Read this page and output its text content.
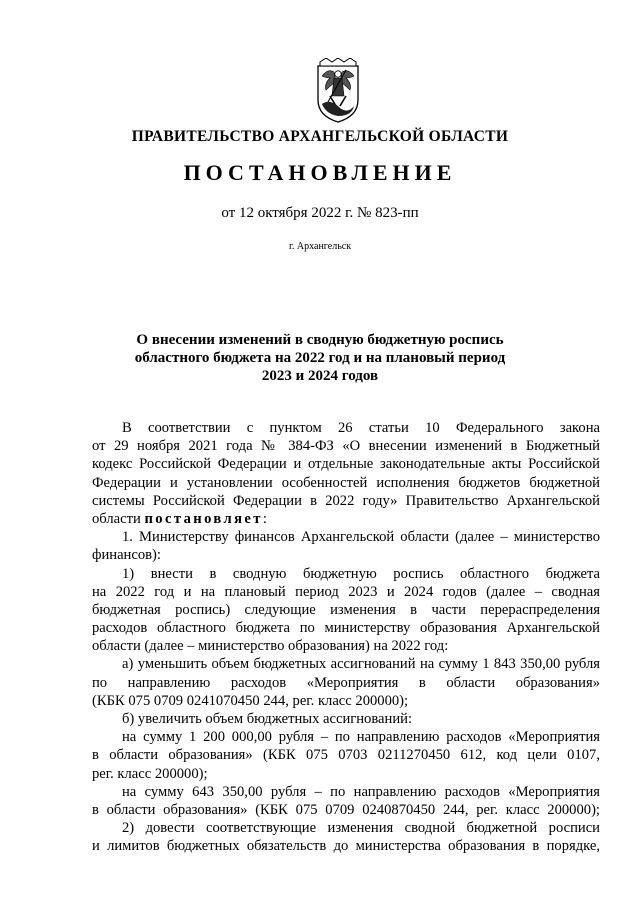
ПРАВИТЕЛЬСТВО АРХАНГЕЛЬСКОЙ ОБЛАСТИ
ПОСТАНОВЛЕНИЕ
от 12 октября 2022 г. № 823-пп
г. Архангельск
О внесении изменений в сводную бюджетную роспись
областного бюджета на 2022 год и на плановый период
2023 и 2024 годов
В соответствии с пунктом 26 статьи 10 Федерального закона
от 29 ноября 2021 года № 384-ФЗ «О внесении изменений в Бюджетный
кодекс Российской Федерации и отдельные законодательные акты Российской
Федерации и установлении особенностей исполнения бюджетов бюджетной
системы Российской Федерации в 2022 году» Правительство Архангельской
области постановляет:
1. Министерству финансов Архангельской области (далее – министерство
финансов):
1) внести в сводную бюджетную роспись областного бюджета
на 2022 год и на плановый период 2023 и 2024 годов (далее – сводная
бюджетная роспись) следующие изменения в части перераспределения
расходов областного бюджета по министерству образования Архангельской
области (далее – министерство образования) на 2022 год:
а) уменьшить объем бюджетных ассигнований на сумму 1 843 350,00 рубля
по направлению расходов «Мероприятия в области образования»
(КБК 075 0709 0241070450 244, рег. класс 200000);
б) увеличить объем бюджетных ассигнований:
на сумму 1 200 000,00 рубля – по направлению расходов «Мероприятия
в области образования» (КБК 075 0703 0211270450 612, код цели 0107,
рег. класс 200000);
на сумму 643 350,00 рубля – по направлению расходов «Мероприятия
в области образования» (КБК 075 0709 0240870450 244, рег. класс 200000);
2) довести соответствующие изменения сводной бюджетной росписи
и лимитов бюджетных обязательств до министерства образования в порядке,
